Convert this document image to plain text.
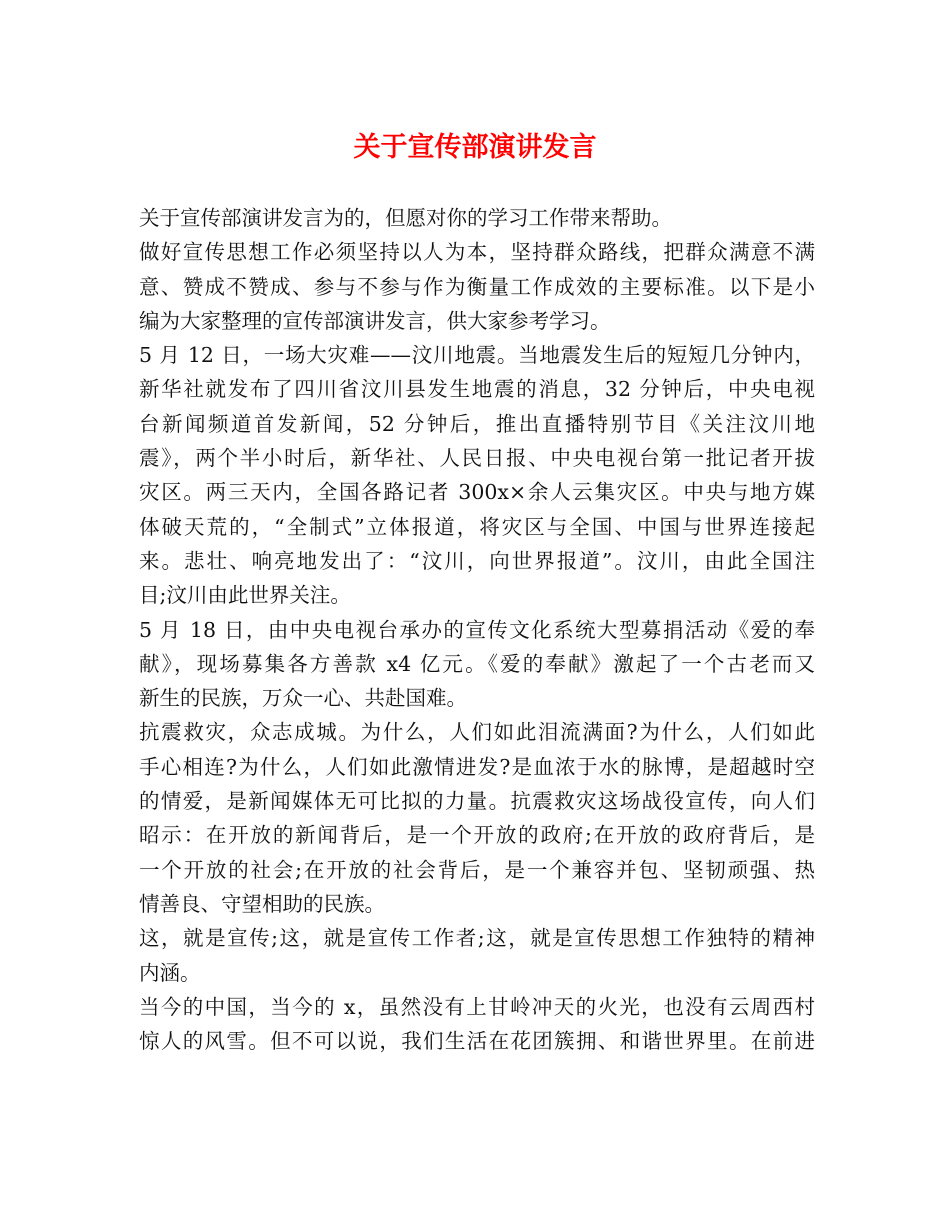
关于宣传部演讲发言

关于宣传部演讲发言为的，但愿对你的学习工作带来帮助。

做好宣传思想工作必须坚持以人为本，坚持群众路线，把群众满意不满
意、赞成不赞成、参与不参与作为衡量工作成效的主要标准。以下是小
编为大家整理的宣传部演讲发言，供大家参考学习。

5 月 12 日，一场大灾难——汶川地震。当地震发生后的短短几分钟内，
新华社就发布了四川省汶川县发生地震的消息，32 分钟后，中央电视
台新闻频道首发新闻，52 分钟后，推出直播特别节目《关注汶川地
震》，两个半小时后，新华社、人民日报、中央电视台第一批记者开拔
灾区。两三天内，全国各路记者 300x×余人云集灾区。中央与地方媒
体破天荒的，“全制式”立体报道，将灾区与全国、中国与世界连接起
来。悲壮、响亮地发出了：“汶川，向世界报道”。汶川，由此全国注
目;汶川由此世界关注。

5 月 18 日，由中央电视台承办的宣传文化系统大型募捐活动《爱的奉
献》，现场募集各方善款 x4 亿元。《爱的奉献》激起了一个古老而又
新生的民族，万众一心、共赴国难。

抗震救灾，众志成城。为什么，人们如此泪流满面?为什么，人们如此
手心相连?为什么，人们如此激情进发?是血浓于水的脉博，是超越时空
的情爱，是新闻媒体无可比拟的力量。抗震救灾这场战役宣传，向人们
昭示：在开放的新闻背后，是一个开放的政府;在开放的政府背后，是
一个开放的社会;在开放的社会背后，是一个兼容并包、坚韧顽强、热
情善良、守望相助的民族。

这，就是宣传;这，就是宣传工作者;这，就是宣传思想工作独特的精神
内涵。

当今的中国，当今的 x，虽然没有上甘岭冲天的火光，也没有云周西村
惊人的风雪。但不可以说，我们生活在花团簇拥、和谐世界里。在前进
